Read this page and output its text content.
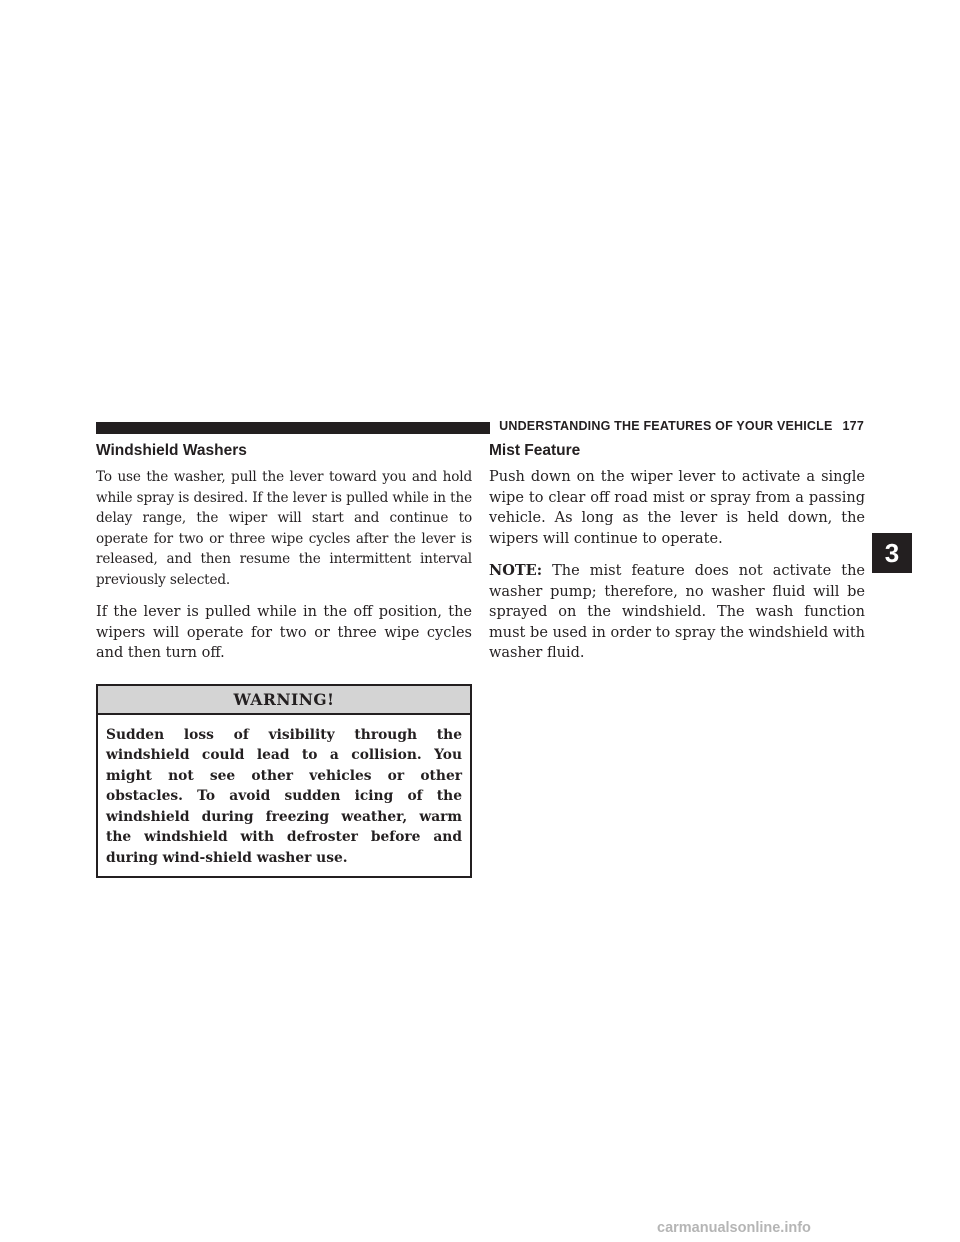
UNDERSTANDING THE FEATURES OF YOUR VEHICLE 177
Windshield Washers

To use the washer, pull the lever toward you and hold while spray is desired. If the lever is pulled while in the delay range, the wiper will start and continue to operate for two or three wipe cycles after the lever is released, and then resume the intermittent interval previously selected.

If the lever is pulled while in the off position, the wipers will operate for two or three wipe cycles and then turn off.

WARNING!
Sudden loss of visibility through the windshield could lead to a collision. You might not see other vehicles or other obstacles. To avoid sudden icing of the windshield during freezing weather, warm the windshield with defroster before and during wind-shield washer use.
Mist Feature

Push down on the wiper lever to activate a single wipe to clear off road mist or spray from a passing vehicle. As long as the lever is held down, the wipers will continue to operate.

NOTE: The mist feature does not activate the washer pump; therefore, no washer fluid will be sprayed on the windshield. The wash function must be used in order to spray the windshield with washer fluid.

3
carmanualsonline.info
